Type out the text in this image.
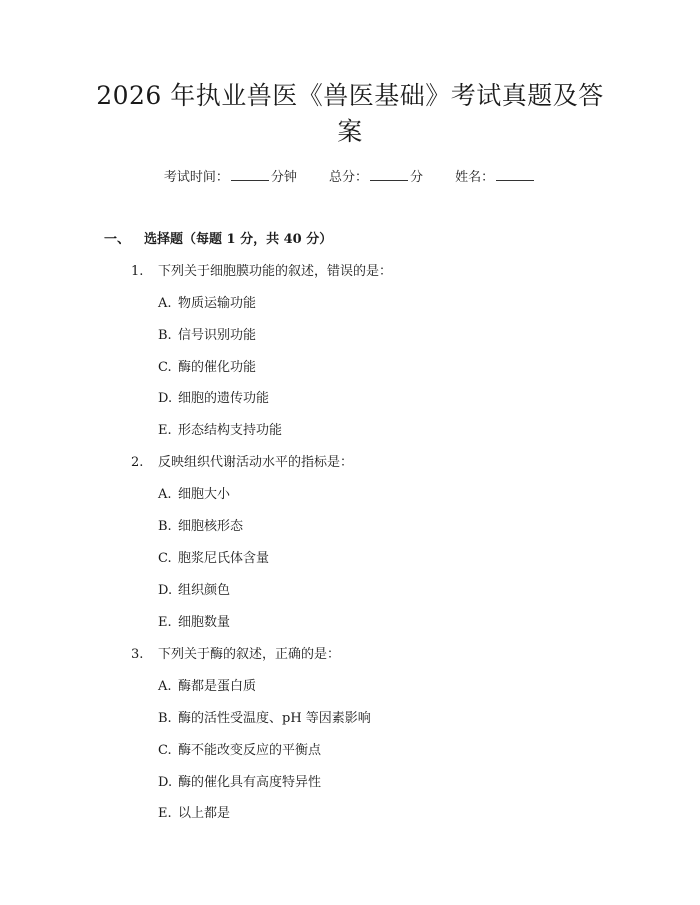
2026 年执业兽医《兽医基础》考试真题及答案
考试时间：	分钟 总分：	分 姓名：
一、 选择题（每题 1 分，共 40 分）
1. 下列关于细胞膜功能的叙述，错误的是：
A. 物质运输功能
B. 信号识别功能
C. 酶的催化功能
D. 细胞的遗传功能
E. 形态结构支持功能
2. 反映组织代谢活动水平的指标是：
A. 细胞大小
B. 细胞核形态
C. 胞浆尼氏体含量
D. 组织颜色
E. 细胞数量
3. 下列关于酶的叙述，正确的是：
A. 酶都是蛋白质
B. 酶的活性受温度、pH 等因素影响
C. 酶不能改变反应的平衡点
D. 酶的催化具有高度特异性
E. 以上都是
